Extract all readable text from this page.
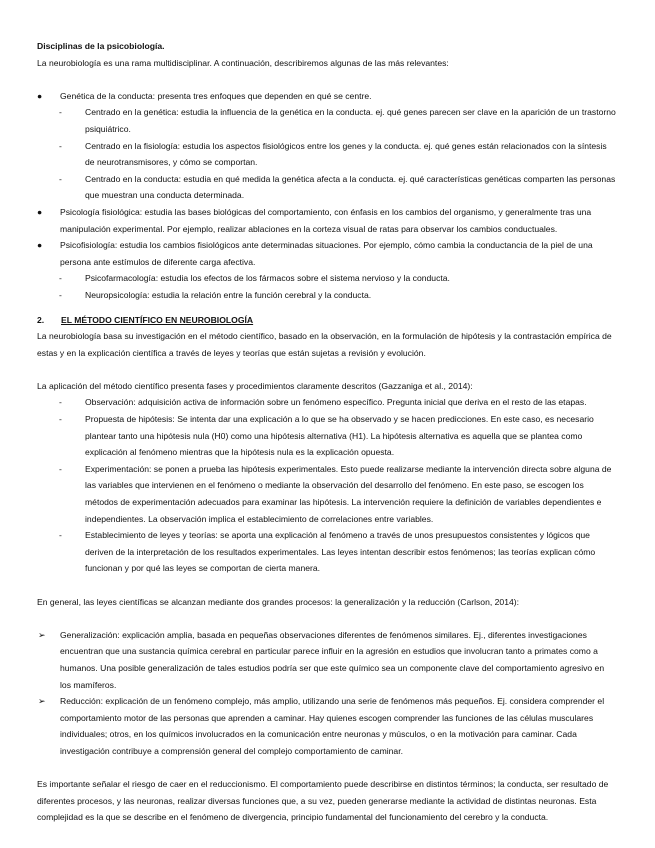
Disciplinas de la psicobiología.

La neurobiología es una rama multidisciplinar. A continuación, describiremos algunas de las más relevantes:

●	Genética de la conducta: presenta tres enfoques que dependen en qué se centre.
-	Centrado en la genética: estudia la influencia de la genética en la conducta. ej. qué genes parecen ser clave en la aparición de un trastorno psiquiátrico.
-	Centrado en la fisiología: estudia los aspectos fisiológicos entre los genes y la conducta. ej. qué genes están relacionados con la síntesis de neurotransmisores, y cómo se comportan.
-	Centrado en la conducta: estudia en qué medida la genética afecta a la conducta. ej. qué características genéticas comparten las personas que muestran una conducta determinada.
●	Psicología fisiológica: estudia las bases biológicas del comportamiento, con énfasis en los cambios del organismo, y generalmente tras una manipulación experimental. Por ejemplo, realizar ablaciones en la corteza visual de ratas para observar los cambios conductuales.
●	Psicofisiología: estudia los cambios fisiológicos ante determinadas situaciones. Por ejemplo, cómo cambia la conductancia de la piel de una persona ante estímulos de diferente carga afectiva.
-	Psicofarmacología: estudia los efectos de los fármacos sobre el sistema nervioso y la conducta.
-	Neuropsicología: estudia la relación entre la función cerebral y la conducta.

2. EL MÉTODO CIENTÍFICO EN NEUROBIOLOGÍA

La neurobiología basa su investigación en el método científico, basado en la observación, en la formulación de hipótesis y la contrastación empírica de estas y en la explicación científica a través de leyes y teorías que están sujetas a revisión y evolución.

La aplicación del método científico presenta fases y procedimientos claramente descritos (Gazzaniga et al., 2014):

-	Observación: adquisición activa de información sobre un fenómeno específico. Pregunta inicial que deriva en el resto de las etapas.
-	Propuesta de hipótesis: Se intenta dar una explicación a lo que se ha observado y se hacen predicciones. En este caso, es necesario plantear tanto una hipótesis nula (H0) como una hipótesis alternativa (H1). La hipótesis alternativa es aquella que se plantea como explicación al fenómeno mientras que la hipótesis nula es la explicación opuesta.
-	Experimentación: se ponen a prueba las hipótesis experimentales. Esto puede realizarse mediante la intervención directa sobre alguna de las variables que intervienen en el fenómeno o mediante la observación del desarrollo del fenómeno. En este paso, se escogen los métodos de experimentación adecuados para examinar las hipótesis. La intervención requiere la definición de variables dependientes e independientes. La observación implica el establecimiento de correlaciones entre variables.
-	Establecimiento de leyes y teorías: se aporta una explicación al fenómeno a través de unos presupuestos consistentes y lógicos que deriven de la interpretación de los resultados experimentales. Las leyes intentan describir estos fenómenos; las teorías explican cómo funcionan y por qué las leyes se comportan de cierta manera.

En general, las leyes científicas se alcanzan mediante dos grandes procesos: la generalización y la reducción (Carlson, 2014):

➢	Generalización: explicación amplia, basada en pequeñas observaciones diferentes de fenómenos similares. Ej., diferentes investigaciones encuentran que una sustancia química cerebral en particular parece influir en la agresión en estudios que involucran tanto a primates como a humanos. Una posible generalización de tales estudios podría ser que este químico sea un componente clave del comportamiento agresivo en los mamíferos.
➢	Reducción: explicación de un fenómeno complejo, más amplio, utilizando una serie de fenómenos más pequeños. Ej. considera comprender el comportamiento motor de las personas que aprenden a caminar. Hay quienes escogen comprender las funciones de las células musculares individuales; otros, en los químicos involucrados en la comunicación entre neuronas y músculos, o en la motivación para caminar. Cada investigación contribuye a comprensión general del complejo comportamiento de caminar.

Es importante señalar el riesgo de caer en el reduccionismo. El comportamiento puede describirse en distintos términos; la conducta, ser resultado de diferentes procesos, y las neuronas, realizar diversas funciones que, a su vez, pueden generarse mediante la actividad de distintas neuronas. Esta complejidad es la que se describe en el fenómeno de divergencia, principio fundamental del funcionamiento del cerebro y la conducta.
